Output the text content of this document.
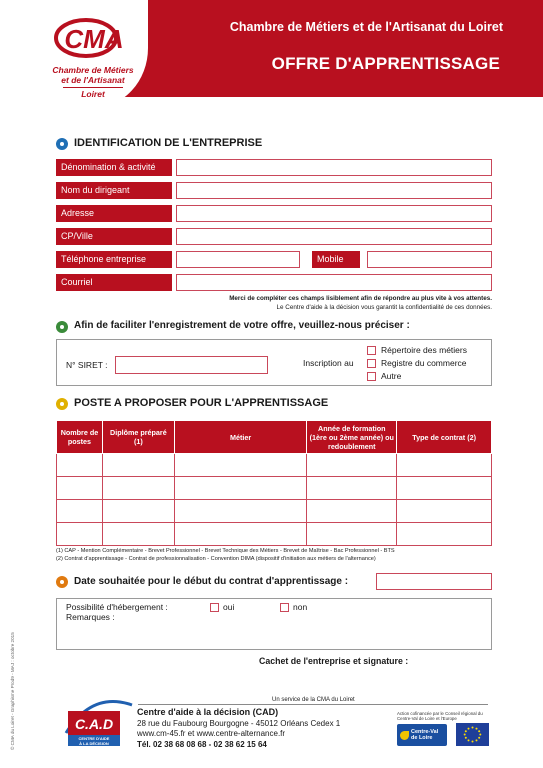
CMA
Chambre de Métiers
et de l'Artisanat
Loiret
Chambre de Métiers et de l'Artisanat du Loiret
OFFRE D'APPRENTISSAGE
IDENTIFICATION DE L'ENTREPRISE
Dénomination & activité
Nom du dirigeant
Adresse
CP/Ville
Téléphone entreprise	Mobile
Courriel
Merci de compléter ces champs lisiblement afin de répondre au plus vite à vos attentes.
Le Centre d'aide à la décision vous garantit la confidentialité de ces données.
Afin de faciliter l'enregistrement de votre offre, veuillez-nous préciser :
N° SIRET :	Inscription au
Répertoire des métiers
Registre du commerce
Autre
POSTE A PROPOSER POUR L'APPRENTISSAGE
Nombre de postes	Diplôme préparé (1)	Métier	Année de formation (1ère ou 2ème année) ou redoublement	Type de contrat (2)

(1) CAP - Mention Complémentaire - Brevet Professionnel - Brevet Technique des Métiers - Brevet de Maîtrise - Bac Professionnel - BTS
(2) Contrat d'apprentissage - Contrat de professionnalisation - Convention DIMA (dispositif d'initiation aux métiers de l'alternance)
Date souhaitée pour le début du contrat d'apprentissage :
Possibilité d'hébergement :	oui	non
Remarques :
Cachet de l'entreprise et signature :
Un service de la CMA du Loiret
C.A.D
CENTRE D'AIDE
À LA DÉCISION
Centre d'aide à la décision (CAD)
28 rue du Faubourg Bourgogne - 45012 Orléans Cedex 1
www.cm-45.fr et www.centre-alternance.fr
Tél. 02 38 68 08 68 - 02 38 62 15 64
Action cofinancée par le Conseil régional du Centre-Val de Loire et l'Europe
Centre-Val de Loire
© CMA du Loiret - Graphisme Prod9 - MAJ : octobre 2015
